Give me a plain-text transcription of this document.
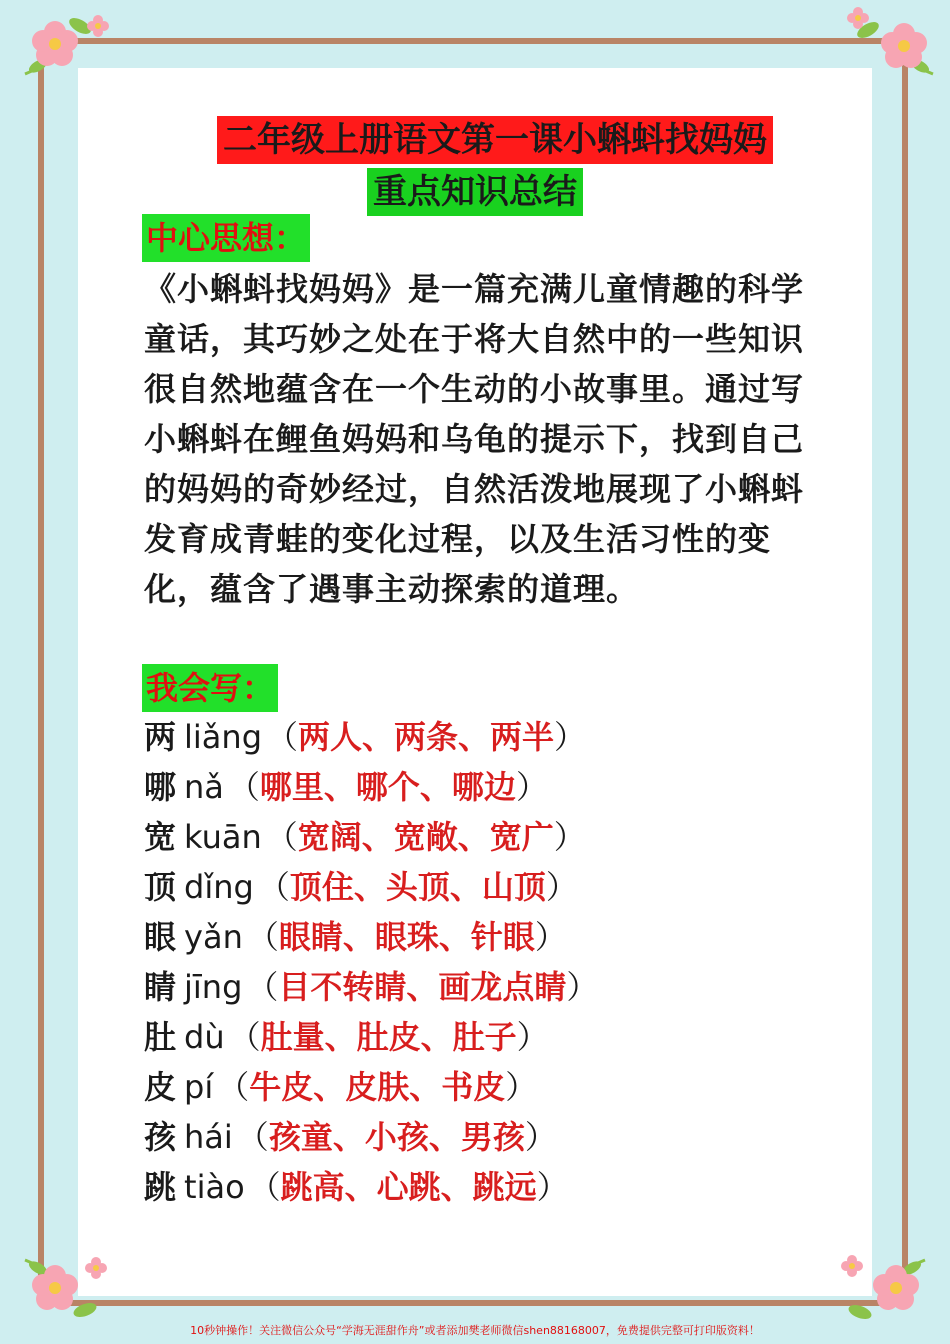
二年级上册语文第一课小蝌蚪找妈妈
重点知识总结
中心思想：
《小蝌蚪找妈妈》是一篇充满儿童情趣的科学童话，其巧妙之处在于将大自然中的一些知识很自然地蕴含在一个生动的小故事里。通过写小蝌蚪在鲤鱼妈妈和乌龟的提示下，找到自己的妈妈的奇妙经过，自然活泼地展现了小蝌蚪发育成青蛙的变化过程，以及生活习性的变化，蕴含了遇事主动探索的道理。
我会写：
两 liǎng （两人、两条、两半）
哪 nǎ （哪里、哪个、哪边）
宽 kuān （宽阔、宽敞、宽广）
顶 dǐng （顶住、头顶、山顶）
眼 yǎn （眼睛、眼珠、针眼）
睛 jīng （目不转睛、画龙点睛）
肚 dù （肚量、肚皮、肚子）
皮 pí （牛皮、皮肤、书皮）
孩 hái （孩童、小孩、男孩）
跳 tiào （跳高、心跳、跳远）
10秒钟操作！关注微信公众号“学海无涯甜作舟”或者添加樊老师微信shen88168007，免费提供完整可打印版资料！
